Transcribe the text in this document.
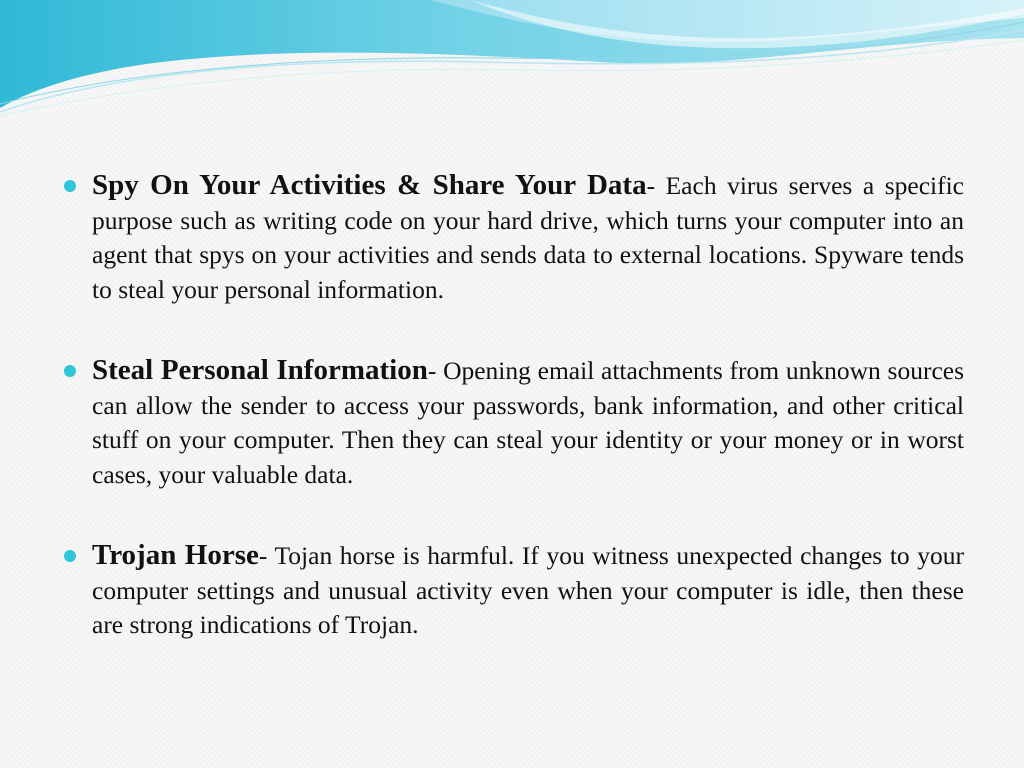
Spy On Your Activities & Share Your Data- Each virus serves a specific purpose such as writing code on your hard drive, which turns your computer into an agent that spys on your activities and sends data to external locations. Spyware tends to steal your personal information.

Steal Personal Information- Opening email attachments from unknown sources can allow the sender to access your passwords, bank information, and other critical stuff on your computer. Then they can steal your identity or your money or in worst cases, your valuable data.

Trojan Horse- Tojan horse is harmful. If you witness unexpected changes to your computer settings and unusual activity even when your computer is idle, then these are strong indications of Trojan.
